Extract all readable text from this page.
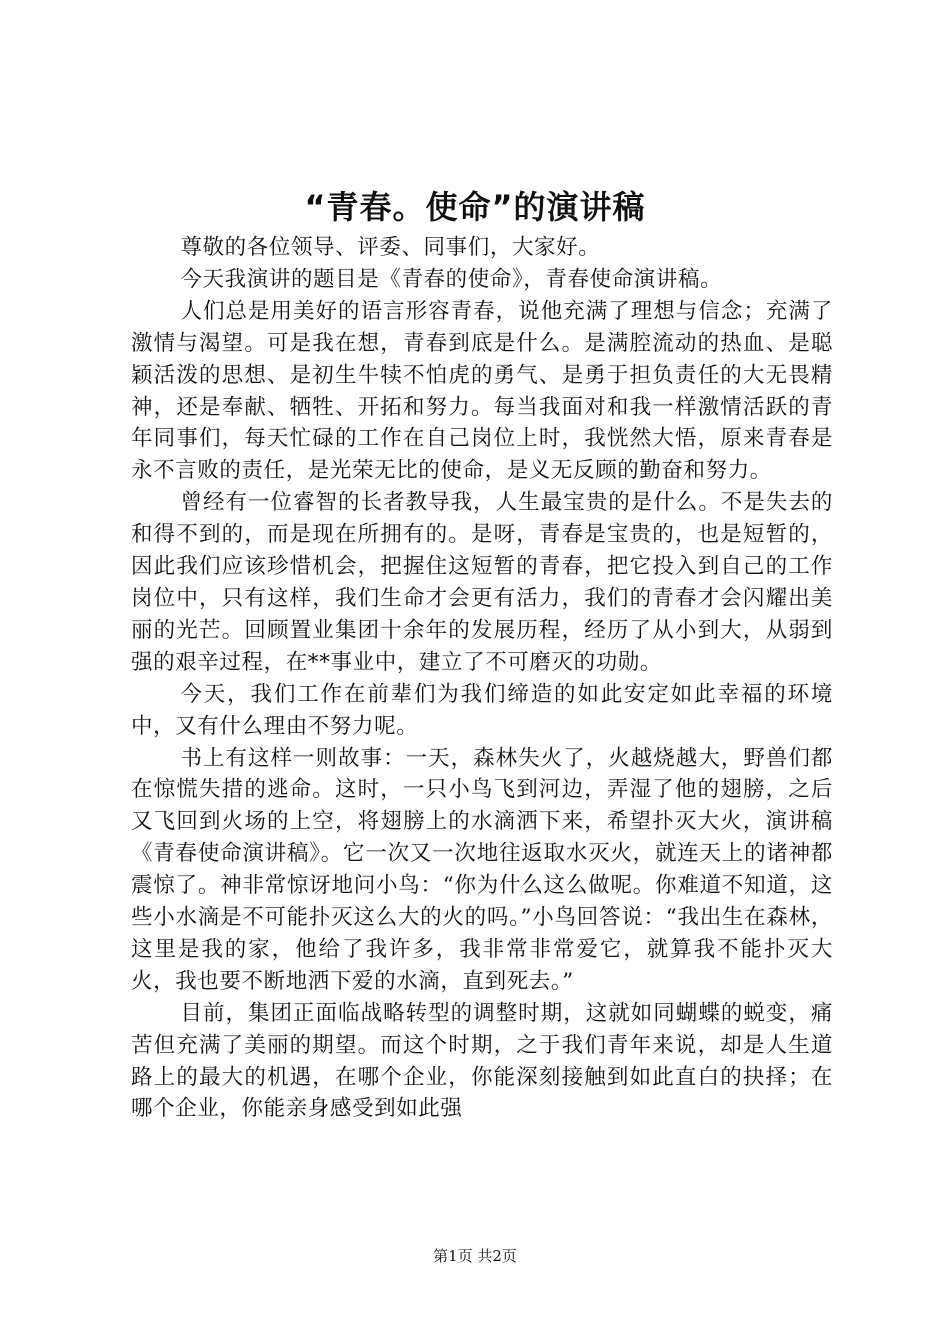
“青春。使命”的演讲稿

尊敬的各位领导、评委、同事们，大家好。

今天我演讲的题目是《青春的使命》，青春使命演讲稿。

人们总是用美好的语言形容青春，说他充满了理想与信念；充满了激情与渴望。可是我在想，青春到底是什么。是满腔流动的热血、是聪颖活泼的思想、是初生牛犊不怕虎的勇气、是勇于担负责任的大无畏精神，还是奉献、牺牲、开拓和努力。每当我面对和我一样激情活跃的青年同事们，每天忙碌的工作在自己岗位上时，我恍然大悟，原来青春是永不言败的责任，是光荣无比的使命，是义无反顾的勤奋和努力。

曾经有一位睿智的长者教导我，人生最宝贵的是什么。不是失去的和得不到的，而是现在所拥有的。是呀，青春是宝贵的，也是短暂的，因此我们应该珍惜机会，把握住这短暂的青春，把它投入到自己的工作岗位中，只有这样，我们生命才会更有活力，我们的青春才会闪耀出美丽的光芒。回顾置业集团十余年的发展历程，经历了从小到大，从弱到强的艰辛过程，在**事业中，建立了不可磨灭的功勋。

今天，我们工作在前辈们为我们缔造的如此安定如此幸福的环境中，又有什么理由不努力呢。

书上有这样一则故事：一天，森林失火了，火越烧越大，野兽们都在惊慌失措的逃命。这时，一只小鸟飞到河边，弄湿了他的翅膀，之后又飞回到火场的上空，将翅膀上的水滴洒下来，希望扑灭大火，演讲稿《青春使命演讲稿》。它一次又一次地往返取水灭火，就连天上的诸神都震惊了。神非常惊讶地问小鸟：“你为什么这么做呢。你难道不知道，这些小水滴是不可能扑灭这么大的火的吗。”小鸟回答说：“我出生在森林，这里是我的家，他给了我许多，我非常非常爱它，就算我不能扑灭大火，我也要不断地洒下爱的水滴，直到死去。”

目前，集团正面临战略转型的调整时期，这就如同蝴蝶的蜕变，痛苦但充满了美丽的期望。而这个时期，之于我们青年来说，却是人生道路上的最大的机遇，在哪个企业，你能深刻接触到如此直白的抉择；在哪个企业，你能亲身感受到如此强

第1页 共2页
